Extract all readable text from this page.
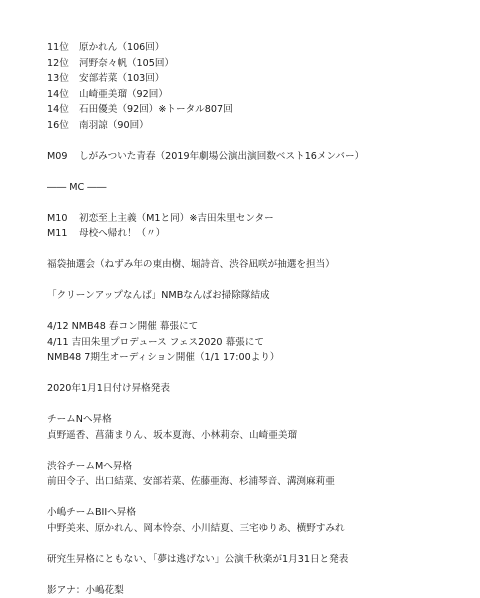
11位 原かれん（106回）
12位 河野奈々帆（105回）
13位 安部若菜（103回）
14位 山崎亜美瑠（92回）
14位 石田優美（92回）※トータル807回
16位 南羽諒（90回）
M09 しがみついた青春（2019年劇場公演出演回数ベスト16メンバー）
―― MC ――
M10 初恋至上主義（M1と同）※吉田朱里センター
M11 母校へ帰れ！（〃）
福袋抽選会（ねずみ年の東由樹、堀詩音、渋谷凪咲が抽選を担当）
「クリーンアップなんば」NMBなんばお掃除隊結成
4/12 NMB48 春コン開催 幕張にて
4/11 吉田朱里プロデュース フェス2020 幕張にて
NMB48 7期生オーディション開催（1/1 17:00より）
2020年1月1日付け昇格発表
チームNへ昇格
貞野遥香、菖蒲まりん、坂本夏海、小林莉奈、山崎亜美瑠
渋谷チームMへ昇格
前田令子、出口結菜、安部若菜、佐藤亜海、杉浦琴音、溝渕麻莉亜
小嶋チームBIIへ昇格
中野美来、原かれん、岡本怜奈、小川結夏、三宅ゆりあ、横野すみれ
研究生昇格にともない、「夢は逃げない」公演千秋楽が1月31日と発表
影アナ：小嶋花梨
